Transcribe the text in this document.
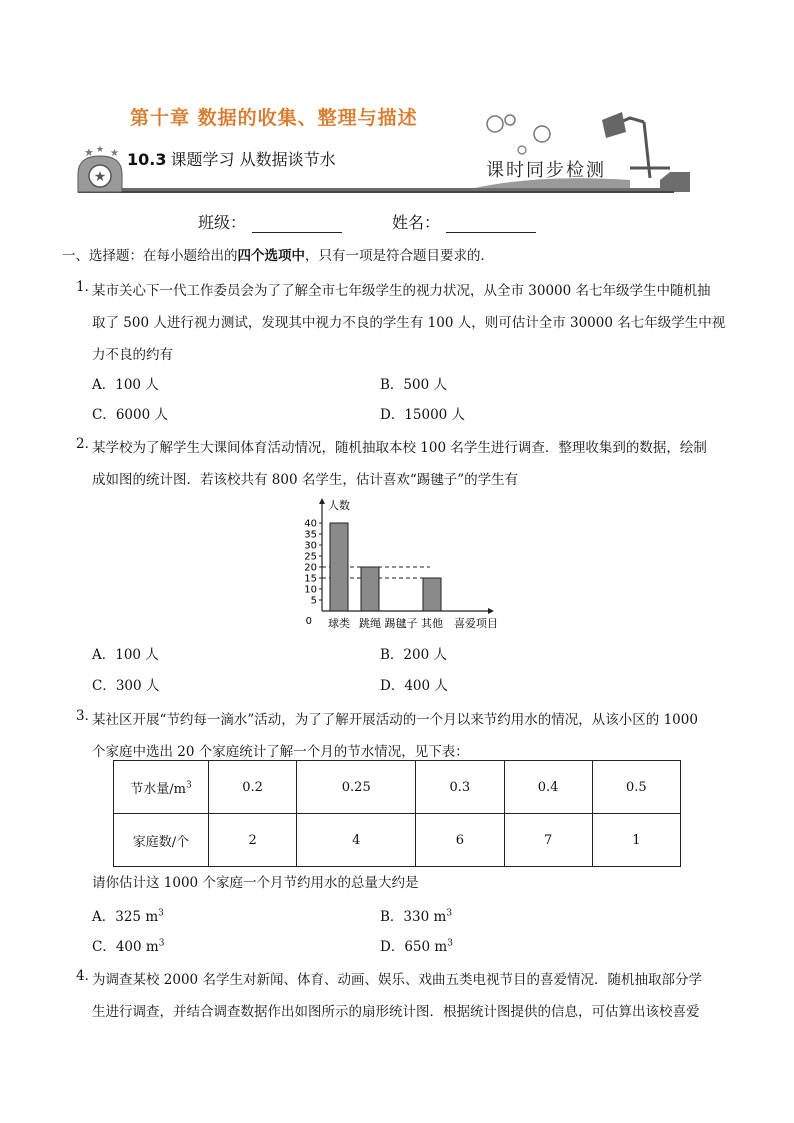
★
★ ★ ★
第十章 数据的收集、整理与描述
10.3 课题学习 从数据谈节水
课时同步检测
班级：	姓名：
一、选择题：在每小题给出的四个选项中，只有一项是符合题目要求的．
1．
某市关心下一代工作委员会为了了解全市七年级学生的视力状况，从全市 30000 名七年级学生中随机抽
取了 500 人进行视力测试，发现其中视力不良的学生有 100 人，则可估计全市 30000 名七年级学生中视
力不良的约有
A．100 人	B．500 人
C．6000 人	D．15000 人
2．
某学校为了解学生大课间体育活动情况，随机抽取本校 100 名学生进行调查．整理收集到的数据，绘制
成如图的统计图．若该校共有 800 名学生，估计喜欢“踢毽子”的学生有
0
5
10
15
20
25
30
35
40
球类 跳绳 踢毽子 其他
人数
喜爱项目
A．100 人	B．200 人
C．300 人	D．400 人
3．
某社区开展“节约每一滴水”活动，为了了解开展活动的一个月以来节约用水的情况，从该小区的 1000
个家庭中选出 20 个家庭统计了解一个月的节水情况，见下表：
节水量$/m^3$	0.2	0.25	0.3	0.4	0.5
家庭数/个	2	4	6	7	1
请你估计这 1000 个家庭一个月节约用水的总量大约是
A．325 $m^3$	B．330 $m^3$
C．400 $m^3$	D．650 $m^3$
4．
为调查某校 2000 名学生对新闻、体育、动画、娱乐、戏曲五类电视节目的喜爱情况．随机抽取部分学
生进行调查，并结合调查数据作出如图所示的扇形统计图．根据统计图提供的信息，可估算出该校喜爱
